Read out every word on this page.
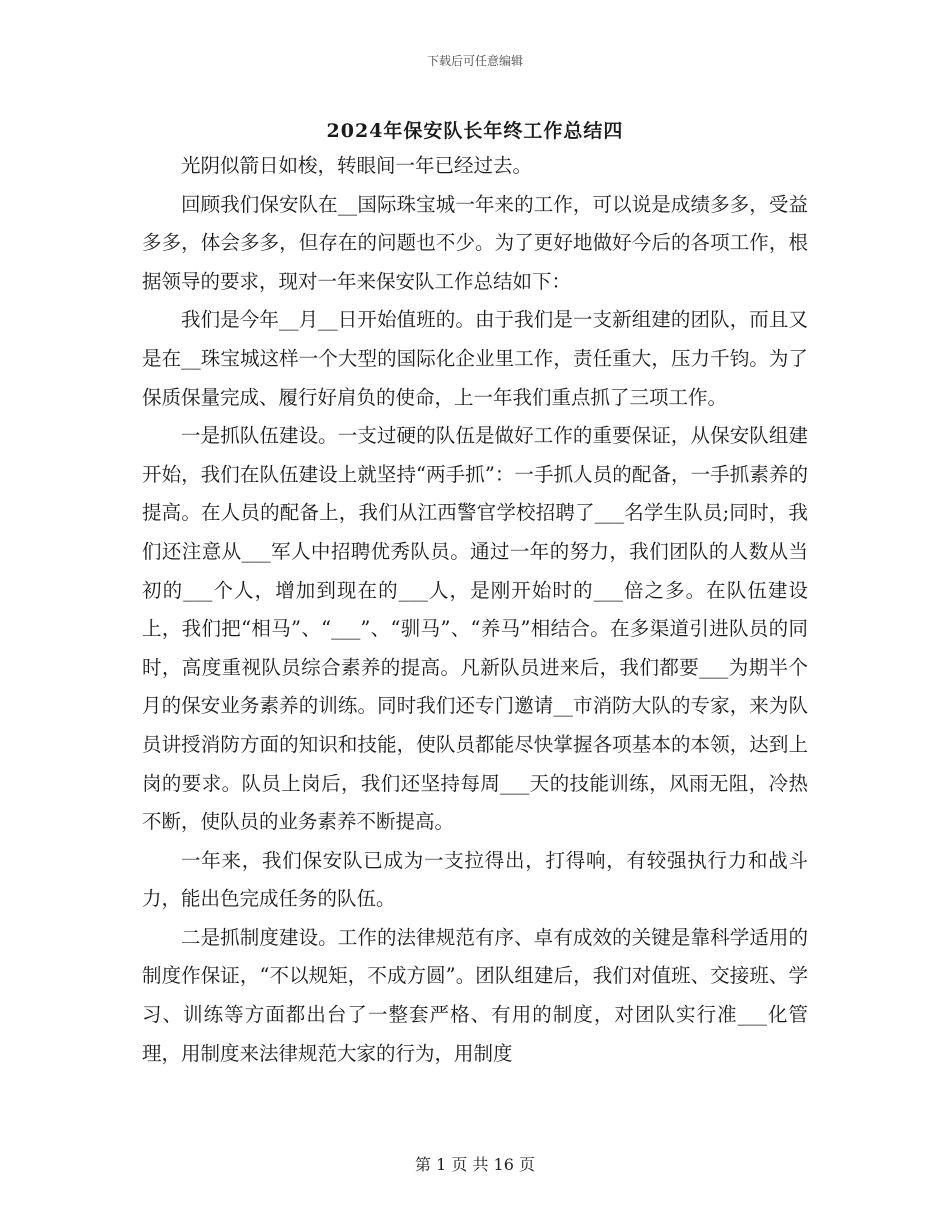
下载后可任意编辑
2024年保安队长年终工作总结四

光阴似箭日如梭，转眼间一年已经过去。

回顾我们保安队在__国际珠宝城一年来的工作，可以说是成绩多多，受益多多，体会多多，但存在的问题也不少。为了更好地做好今后的各项工作，根据领导的要求，现对一年来保安队工作总结如下：

我们是今年__月__日开始值班的。由于我们是一支新组建的团队，而且又是在__珠宝城这样一个大型的国际化企业里工作，责任重大，压力千钧。为了保质保量完成、履行好肩负的使命，上一年我们重点抓了三项工作。

一是抓队伍建设。一支过硬的队伍是做好工作的重要保证，从保安队组建开始，我们在队伍建设上就坚持“两手抓”：一手抓人员的配备，一手抓素养的提高。在人员的配备上，我们从江西警官学校招聘了___名学生队员;同时，我们还注意从___军人中招聘优秀队员。通过一年的努力，我们团队的人数从当初的___个人，增加到现在的___人，是刚开始时的___倍之多。在队伍建设上，我们把“相马”、“___”、“驯马”、“养马”相结合。在多渠道引进队员的同时，高度重视队员综合素养的提高。凡新队员进来后，我们都要___为期半个月的保安业务素养的训练。同时我们还专门邀请__市消防大队的专家，来为队员讲授消防方面的知识和技能，使队员都能尽快掌握各项基本的本领，达到上岗的要求。队员上岗后，我们还坚持每周___天的技能训练，风雨无阻，冷热不断，使队员的业务素养不断提高。

一年来，我们保安队已成为一支拉得出，打得响，有较强执行力和战斗力，能出色完成任务的队伍。

二是抓制度建设。工作的法律规范有序、卓有成效的关键是靠科学适用的制度作保证，“不以规矩，不成方圆”。团队组建后，我们对值班、交接班、学习、训练等方面都出台了一整套严格、有用的制度，对团队实行准___化管理，用制度来法律规范大家的行为，用制度

第 1 页 共 16 页
